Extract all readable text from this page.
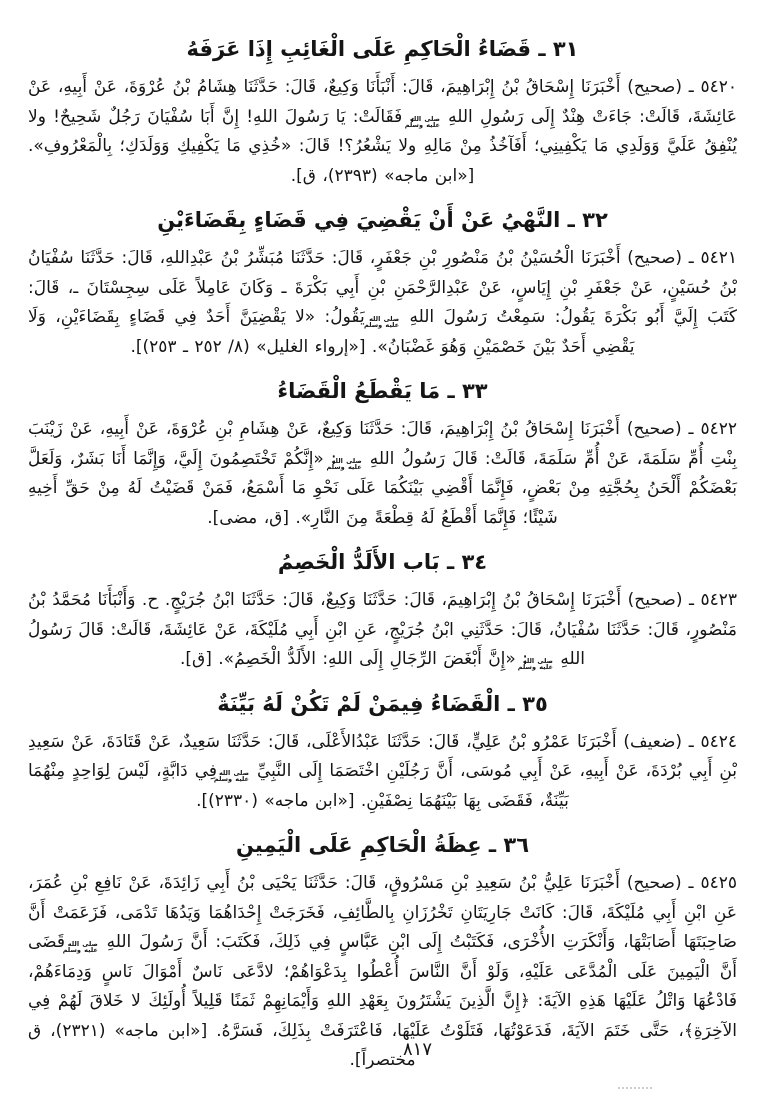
٣١ ـ قَضَاءُ الْحَاكِمِ عَلَى الْغَائِبِ إِذَا عَرَفَهُ

٥٤٢٠ ـ (صحيح) أَخْبَرَنَا إِسْحَاقُ بْنُ إِبْرَاهِيمَ، قَالَ: أَنْبَأَنَا وَكِيعٌ، قَالَ: حَدَّثَنَا هِشَامُ بْنُ عُرْوَةَ، عَنْ أَبِيهِ، عَنْ عَائِشَةَ، قَالَتْ: جَاءَتْ هِنْدٌ إِلَى رَسُولِ اللهِ
صلى الله
عليه وسلم
، فَقَالَتْ: يَا رَسُولَ اللهِ! إِنَّ أَبَا سُفْيَانَ رَجُلٌ شَحِيحٌ! ولا يُنْفِقُ عَلَيَّ وَوَلَدِي مَا يَكْفِينِي؛ أَفَآخُذُ مِنْ مَالِهِ ولا يَشْعُرُ؟! قَالَ: «خُذِي مَا يَكْفِيكِ وَوَلَدَكِ؛ بِالْمَعْرُوفِ». [«ابن ماجه» (٢٣٩٣)، ق].

٣٢ ـ النَّهْيُ عَنْ أَنْ يَقْضِيَ فِي قَضَاءٍ بِقَضَاءَيْنِ

٥٤٢١ ـ (صحيح) أَخْبَرَنَا الْحُسَيْنُ بْنُ مَنْصُورِ بْنِ جَعْفَرٍ، قَالَ: حَدَّثَنَا مُبَشِّرُ بْنُ عَبْدِاللهِ، قَالَ: حَدَّثَنَا سُفْيَانُ بْنُ حُسَيْنٍ، عَنْ جَعْفَرِ بْنِ إِيَاسٍ، عَنْ عَبْدِالرَّحْمَنِ بْنِ أَبِي بَكْرَةَ ـ وَكَانَ عَامِلاً عَلَى سِجِسْتَانَ ـ، قَالَ: كَتَبَ إِلَيَّ أَبُو بَكْرَةَ يَقُولُ: سَمِعْتُ رَسُولَ اللهِ
صلى الله
عليه وسلم
يَقُولُ: «لا يَقْضِيَنَّ أَحَدٌ فِي قَضَاءٍ بِقَضَاءَيْنِ، وَلَا يَقْضِي أَحَدٌ بَيْنَ خَصْمَيْنِ وَهُوَ غَضْبَانُ». [«إرواء الغليل» (٨/ ٢٥٢ ـ ٢٥٣)].

٣٣ ـ مَا يَقْطَعُ الْقَضَاءُ

٥٤٢٢ ـ (صحيح) أَخْبَرَنَا إِسْحَاقُ بْنُ إِبْرَاهِيمَ، قَالَ: حَدَّثَنَا وَكِيعٌ، عَنْ هِشَامِ بْنِ عُرْوَةَ، عَنْ أَبِيهِ، عَنْ زَيْنَبَ بِنْتِ أُمِّ سَلَمَةَ، عَنْ أُمِّ سَلَمَةَ، قَالَتْ: قَالَ رَسُولُ اللهِ
صلى الله
عليه وسلم
: «إِنَّكُمْ تَخْتَصِمُونَ إِلَيَّ، وَإِنَّمَا أَنَا بَشَرٌ، وَلَعَلَّ بَعْضَكُمْ أَلْحَنُ بِحُجَّتِهِ مِنْ بَعْضٍ، فَإِنَّمَا أَقْضِي بَيْنَكُمَا عَلَى نَحْوِ مَا أَسْمَعُ، فَمَنْ قَضَيْتُ لَهُ مِنْ حَقِّ أَخِيهِ شَيْئًا؛ فَإِنَّمَا أَقْطَعُ لَهُ قِطْعَةً مِنَ النَّارِ». [ق، مضى].

٣٤ ـ بَاب الأَلَدُّ الْخَصِمُ

٥٤٢٣ ـ (صحيح) أَخْبَرَنَا إِسْحَاقُ بْنُ إِبْرَاهِيمَ، قَالَ: حَدَّثَنَا وَكِيعٌ، قَالَ: حَدَّثَنَا ابْنُ جُرَيْجٍ. ح. وَأَنْبَأَنَا مُحَمَّدُ بْنُ مَنْصُورٍ، قَالَ: حَدَّثَنَا سُفْيَانُ، قَالَ: حَدَّثَنِي ابْنُ جُرَيْجٍ، عَنِ ابْنِ أَبِي مُلَيْكَةَ، عَنْ عَائِشَةَ، قَالَتْ: قَالَ رَسُولُ اللهِ
صلى الله
عليه وسلم
: «إِنَّ أَبْغَضَ الرِّجَالِ إِلَى اللهِ: الأَلَدُّ الْخَصِمُ». [ق].

٣٥ ـ الْقَضَاءُ فِيمَنْ لَمْ تَكُنْ لَهُ بَيِّنَةٌ

٥٤٢٤ ـ (ضعيف) أَخْبَرَنَا عَمْرُو بْنُ عَلِيٍّ، قَالَ: حَدَّثَنَا عَبْدُالأَعْلَى، قَالَ: حَدَّثَنَا سَعِيدٌ، عَنْ قَتَادَةَ، عَنْ سَعِيدِ بْنِ أَبِي بُرْدَةَ، عَنْ أَبِيهِ، عَنْ أَبِي مُوسَى، أَنَّ رَجُلَيْنِ اخْتَصَمَا إِلَى النَّبِيِّ
صلى الله
عليه وسلم
فِي دَابَّةٍ، لَيْسَ لِوَاحِدٍ مِنْهُمَا بَيِّنَةٌ، فَقَضَى بِهَا بَيْنَهُمَا نِصْفَيْنِ. [«ابن ماجه» (٢٣٣٠)].

٣٦ ـ عِظَةُ الْحَاكِمِ عَلَى الْيَمِينِ

٥٤٢٥ ـ (صحيح) أَخْبَرَنَا عَلِيُّ بْنُ سَعِيدِ بْنِ مَسْرُوقٍ، قَالَ: حَدَّثَنَا يَحْيَى بْنُ أَبِي زَائِدَةَ، عَنْ نَافِعِ بْنِ عُمَرَ، عَنِ ابْنِ أَبِي مُلَيْكَةَ، قَالَ: كَانَتْ جَارِيَتَانِ تَخْرُزَانِ بِالطَّائِفِ، فَخَرَجَتْ إِحْدَاهُمَا وَيَدُهَا تَدْمَى، فَزَعَمَتْ أَنَّ صَاحِبَتَهَا أَصَابَتْهَا، وَأَنْكَرَتِ الأُخْرَى، فَكَتَبْتُ إِلَى ابْنِ عَبَّاسٍ فِي ذَلِكَ، فَكَتَبَ: أَنَّ رَسُولَ اللهِ
صلى الله
عليه وسلم
قَضَى أَنَّ الْيَمِينَ عَلَى الْمُدَّعَى عَلَيْهِ، وَلَوْ أَنَّ النَّاسَ أُعْطُوا بِدَعْوَاهُمْ؛ لادَّعَى نَاسٌ أَمْوَالَ نَاسٍ وَدِمَاءَهُمْ، فَادْعُهَا وَاتْلُ عَلَيْهَا هَذِهِ الآيَةَ: ﴿إِنَّ الَّذِينَ يَشْتَرُونَ بِعَهْدِ اللهِ وَأَيْمَانِهِمْ ثَمَنًا قَلِيلاً أُولَئِكَ لا خَلاقَ لَهُمْ فِي الآخِرَةِ﴾، حَتَّى خَتَمَ الآيَةَ، فَدَعَوْتُهَا، فَتَلَوْتُ عَلَيْهَا، فَاعْتَرَفَتْ بِذَلِكَ، فَسَرَّهُ. [«ابن ماجه» (٢٣٢١)، ق مختصراً].

٨١٧
